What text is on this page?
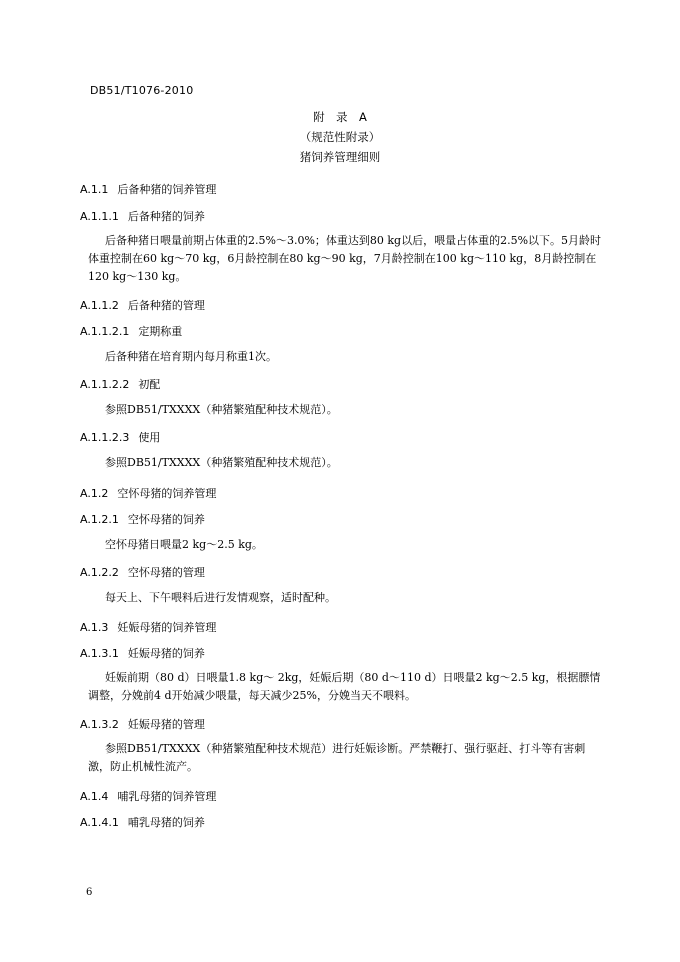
DB51/T1076-2010
附　录　A
（规范性附录）
猪饲养管理细则
A.1.1 后备种猪的饲养管理
A.1.1.1 后备种猪的饲养
后备种猪日喂量前期占体重的2.5%～3.0%；体重达到80 kg以后，喂量占体重的2.5%以下。5月龄时体重控制在60 kg～70 kg，6月龄控制在80 kg～90 kg，7月龄控制在100 kg～110 kg，8月龄控制在120 kg～130 kg。
A.1.1.2 后备种猪的管理
A.1.1.2.1 定期称重
后备种猪在培育期内每月称重1次。
A.1.1.2.2 初配
参照DB51/TXXXX（种猪繁殖配种技术规范）。
A.1.1.2.3 使用
参照DB51/TXXXX（种猪繁殖配种技术规范）。
A.1.2 空怀母猪的饲养管理
A.1.2.1 空怀母猪的饲养
空怀母猪日喂量2 kg～2.5 kg。
A.1.2.2 空怀母猪的管理
每天上、下午喂料后进行发情观察，适时配种。
A.1.3 妊娠母猪的饲养管理
A.1.3.1 妊娠母猪的饲养
妊娠前期（80 d）日喂量1.8 kg～ 2kg，妊娠后期（80 d～110 d）日喂量2 kg～2.5 kg，根据膘情调整，分娩前4 d开始减少喂量，每天减少25%，分娩当天不喂料。
A.1.3.2 妊娠母猪的管理
参照DB51/TXXXX（种猪繁殖配种技术规范）进行妊娠诊断。严禁鞭打、强行驱赶、打斗等有害刺激，防止机械性流产。
A.1.4 哺乳母猪的饲养管理
A.1.4.1 哺乳母猪的饲养
6
